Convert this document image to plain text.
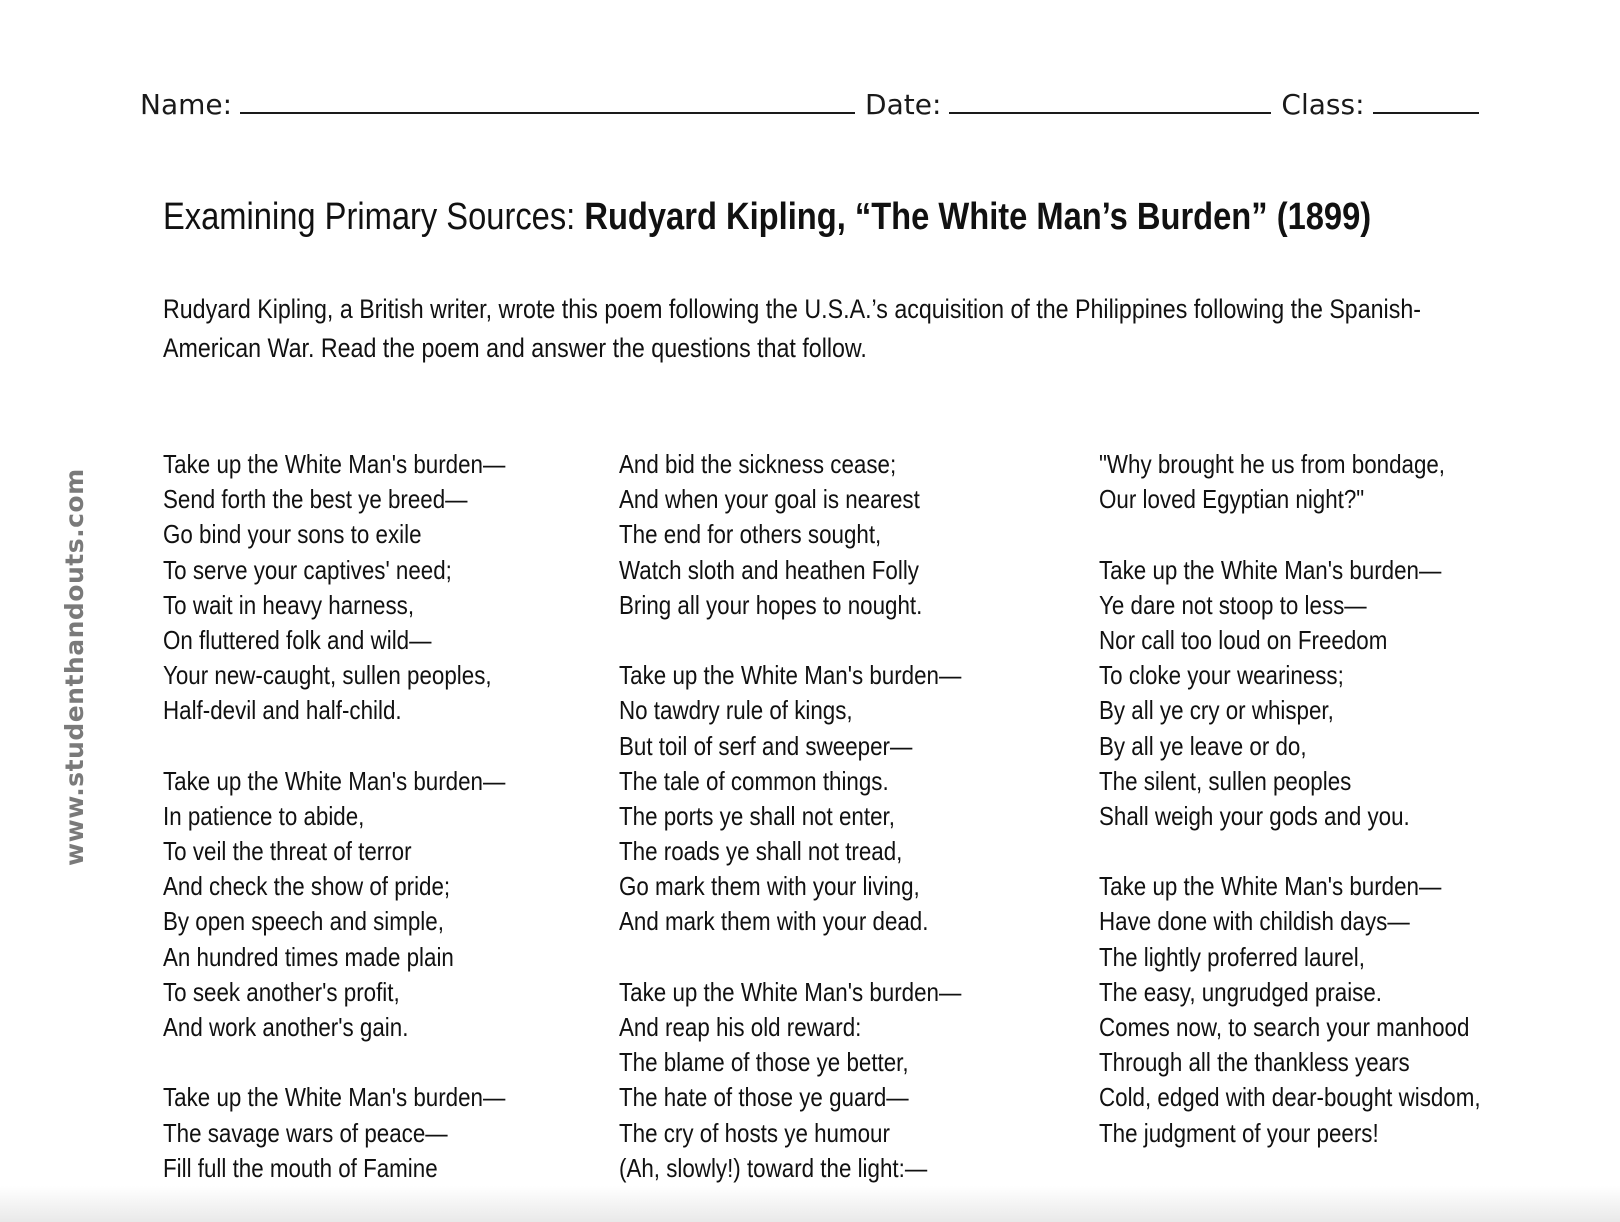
Name:	Date:	Class:
Examining Primary Sources: Rudyard Kipling, “The White Man’s Burden” (1899)

Rudyard Kipling, a British writer, wrote this poem following the U.S.A.’s acquisition of the Philippines following the Spanish-

American War. Read the poem and answer the questions that follow.

www.studenthandouts.com
Take up the White Man's burden—
Send forth the best ye breed—
Go bind your sons to exile
To serve your captives' need;
To wait in heavy harness,
On fluttered folk and wild—
Your new-caught, sullen peoples,
Half-devil and half-child.
Take up the White Man's burden—
In patience to abide,
To veil the threat of terror
And check the show of pride;
By open speech and simple,
An hundred times made plain
To seek another's profit,
And work another's gain.
Take up the White Man's burden—
The savage wars of peace—
Fill full the mouth of Famine
And bid the sickness cease;
And when your goal is nearest
The end for others sought,
Watch sloth and heathen Folly
Bring all your hopes to nought.
Take up the White Man's burden—
No tawdry rule of kings,
But toil of serf and sweeper—
The tale of common things.
The ports ye shall not enter,
The roads ye shall not tread,
Go mark them with your living,
And mark them with your dead.
Take up the White Man's burden—
And reap his old reward:
The blame of those ye better,
The hate of those ye guard—
The cry of hosts ye humour
(Ah, slowly!) toward the light:—
"Why brought he us from bondage,
Our loved Egyptian night?"
Take up the White Man's burden—
Ye dare not stoop to less—
Nor call too loud on Freedom
To cloke your weariness;
By all ye cry or whisper,
By all ye leave or do,
The silent, sullen peoples
Shall weigh your gods and you.
Take up the White Man's burden—
Have done with childish days—
The lightly proferred laurel,
The easy, ungrudged praise.
Comes now, to search your manhood
Through all the thankless years
Cold, edged with dear-bought wisdom,
The judgment of your peers!
